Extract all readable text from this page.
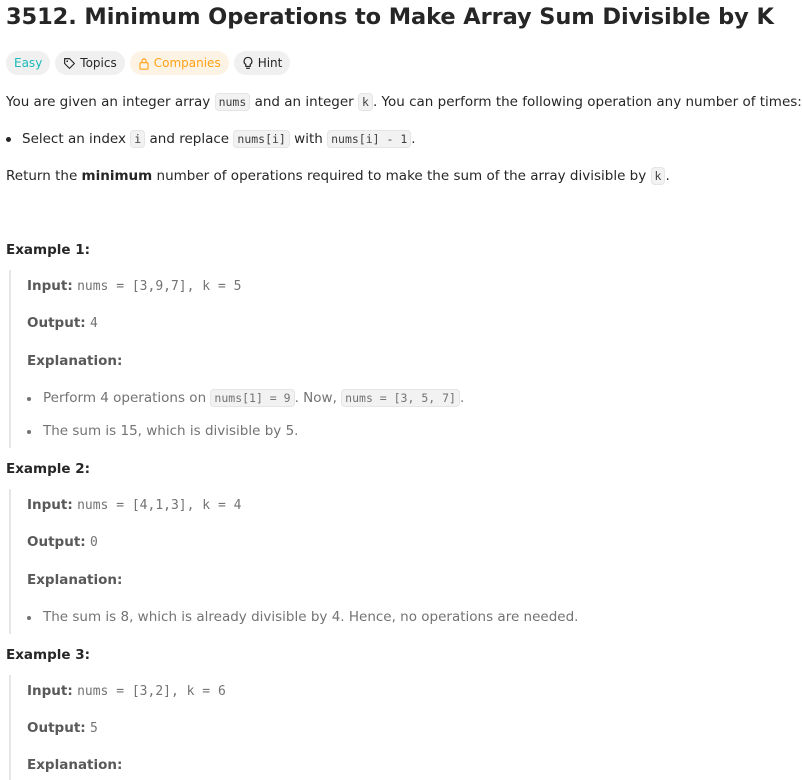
3512. Minimum Operations to Make Array Sum Divisible by K
Easy	Topics	Companies	Hint
You are given an integer array nums and an integer k . You can perform the following operation any number of times:
Select an index i and replace nums[i] with nums[i] - 1 .
Return the minimum number of operations required to make the sum of the array divisible by k .
Example 1:
Input: nums = [3,9,7], k = 5
Output: 4
Explanation:
Perform 4 operations on nums[1] = 9 . Now, nums = [3, 5, 7] .
The sum is 15, which is divisible by 5.
Example 2:
Input: nums = [4,1,3], k = 4
Output: 0
Explanation:
The sum is 8, which is already divisible by 4. Hence, no operations are needed.
Example 3:
Input: nums = [3,2], k = 6
Output: 5
Explanation:
